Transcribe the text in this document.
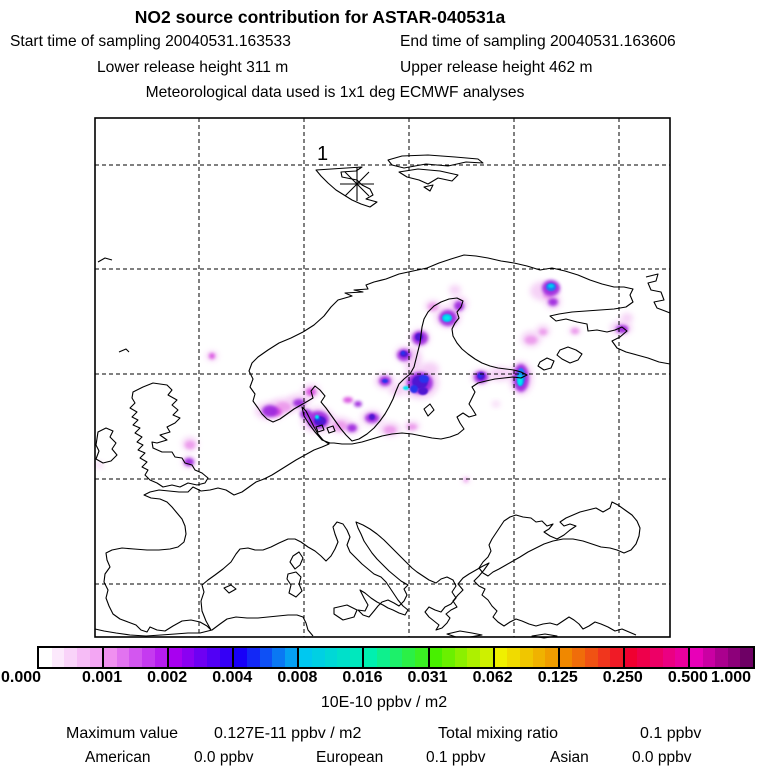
NO2 source contribution for ASTAR-040531a
Start time of sampling 20040531.163533	End time of sampling 20040531.163606
Lower release height 311 m	Upper release height 462 m
Meteorological data used is 1x1 deg ECMWF analyses
1
0.000	0.001 0.002 0.004 0.008 0.016 0.031 0.062 0.125 0.250 0.500 1.000
10E-10 ppbv / m2
Maximum value 0.127E-11 ppbv / m2	Total mixing ratio	0.1 ppbv
American	0.0 ppbv	European	0.1 ppbv	Asian	0.0 ppbv
